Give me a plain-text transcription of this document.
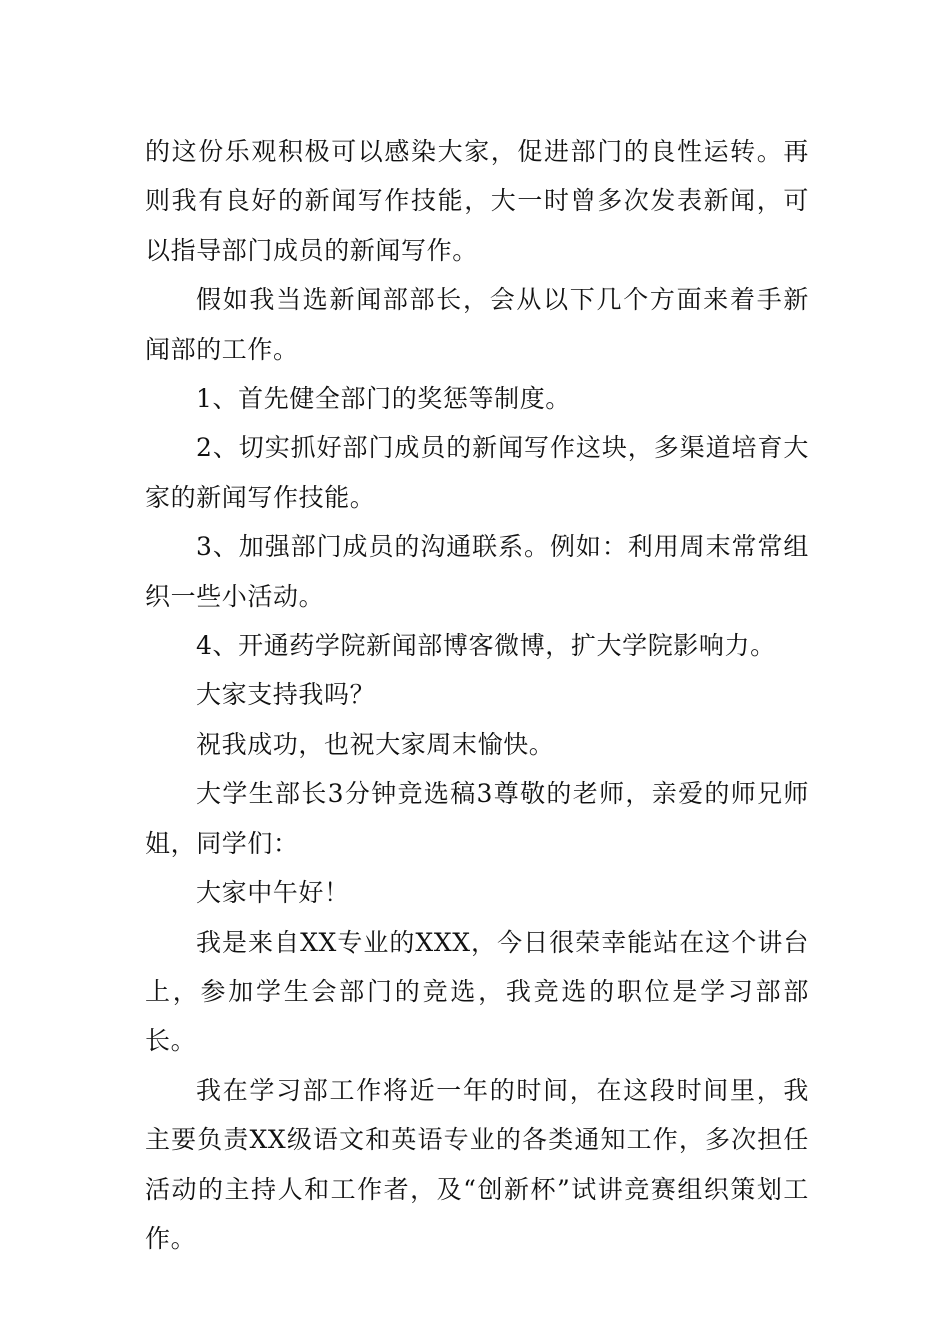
的这份乐观积极可以感染大家，促进部门的良性运转。再则我有良好的新闻写作技能，大一时曾多次发表新闻，可以指导部门成员的新闻写作。

假如我当选新闻部部长，会从以下几个方面来着手新闻部的工作。

1、首先健全部门的奖惩等制度。

2、切实抓好部门成员的新闻写作这块，多渠道培育大家的新闻写作技能。

3、加强部门成员的沟通联系。例如：利用周末常常组织一些小活动。

4、开通药学院新闻部博客微博，扩大学院影响力。

大家支持我吗？

祝我成功，也祝大家周末愉快。

大学生部长3分钟竞选稿3尊敬的老师，亲爱的师兄师姐，同学们：

大家中午好！

我是来自XX专业的XXX，今日很荣幸能站在这个讲台上，参加学生会部门的竞选，我竞选的职位是学习部部长。

我在学习部工作将近一年的时间，在这段时间里，我主要负责XX级语文和英语专业的各类通知工作，多次担任活动的主持人和工作者，及“创新杯”试讲竞赛组织策划工作。
